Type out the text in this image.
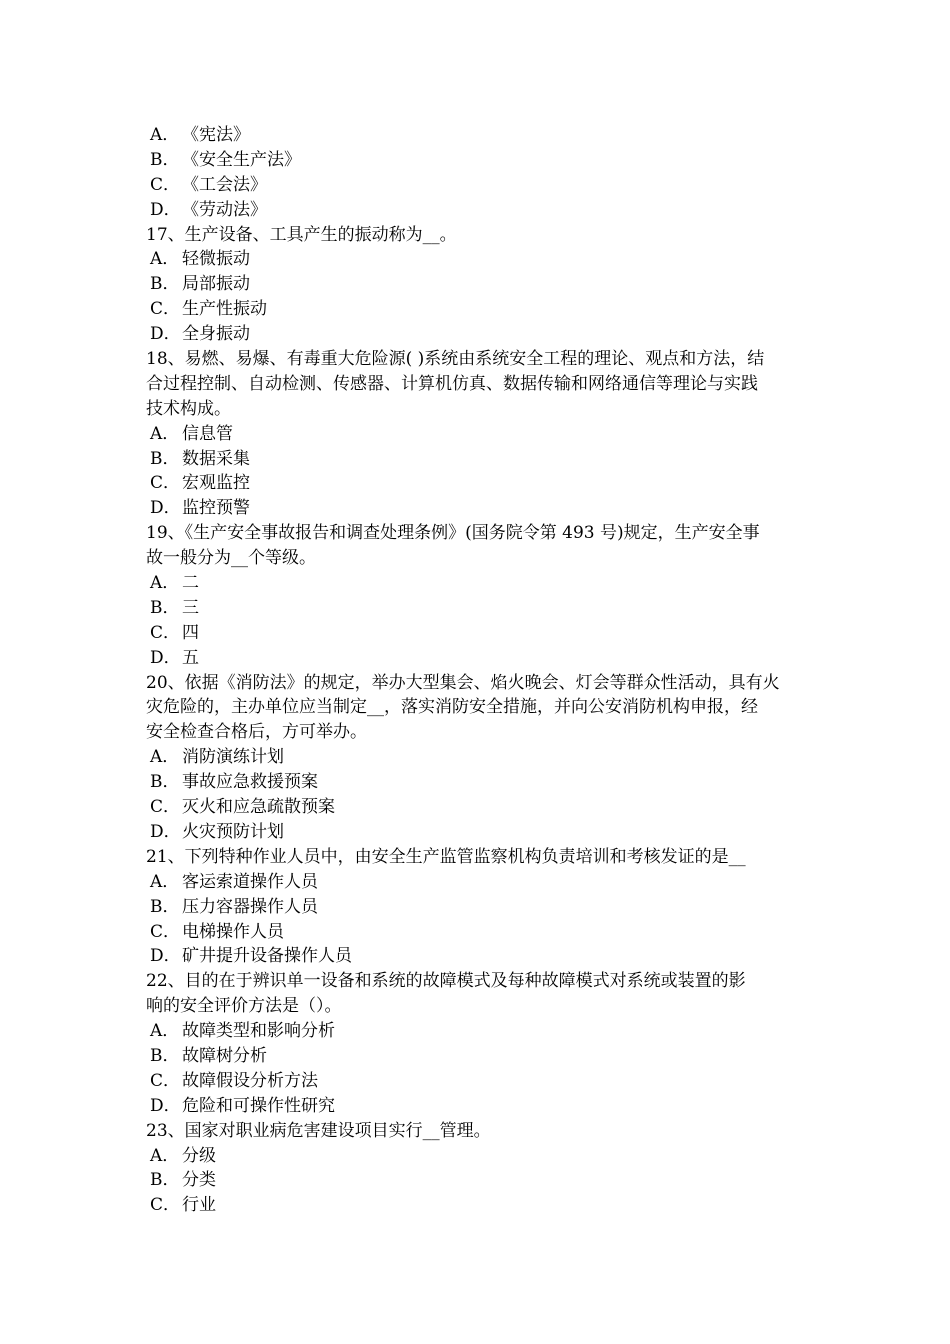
A． 《宪法》
B． 《安全生产法》
C． 《工会法》
D．《劳动法》
17、生产设备、工具产生的振动称为__。
A． 轻微振动
B． 局部振动
C． 生产性振动
D．全身振动
18、易燃、易爆、有毒重大危险源( )系统由系统安全工程的理论、观点和方法，结
合过程控制、自动检测、传感器、计算机仿真、数据传输和网络通信等理论与实践
技术构成。
A． 信息管
B． 数据采集
C． 宏观监控
D．监控预警
19、《生产安全事故报告和调查处理条例》(国务院令第 493 号)规定，生产安全事
故一般分为__个等级。
A． 二
B． 三
C． 四
D．五
20、依据《消防法》的规定，举办大型集会、焰火晚会、灯会等群众性活动，具有火
灾危险的，主办单位应当制定__，落实消防安全措施，并向公安消防机构申报，经
安全检查合格后，方可举办。
A． 消防演练计划
B． 事故应急救援预案
C． 灭火和应急疏散预案
D．火灾预防计划
21、下列特种作业人员中，由安全生产监管监察机构负责培训和考核发证的是__
A． 客运索道操作人员
B． 压力容器操作人员
C． 电梯操作人员
D．矿井提升设备操作人员
22、目的在于辨识单一设备和系统的故障模式及每种故障模式对系统或装置的影
响的安全评价方法是（）。
A． 故障类型和影响分析
B． 故障树分析
C． 故障假设分析方法
D．危险和可操作性研究
23、国家对职业病危害建设项目实行__管理。
A． 分级
B． 分类
C． 行业
